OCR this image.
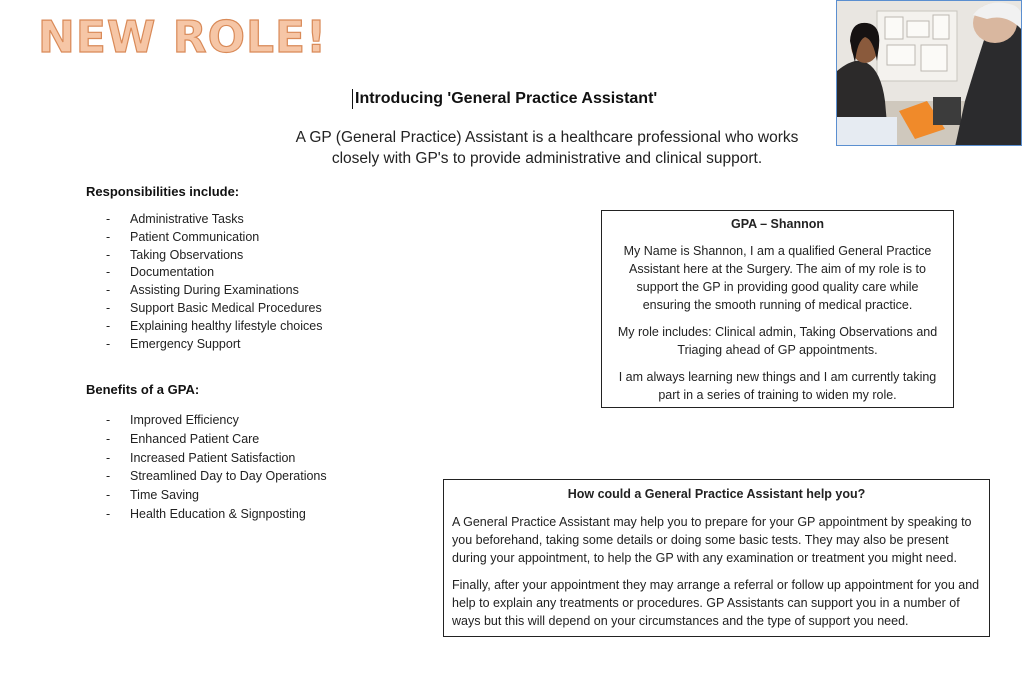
NEW ROLE!
Introducing 'General Practice Assistant'
A GP (General Practice) Assistant is a healthcare professional who works closely with GP's to provide administrative and clinical support.
Responsibilities include:
- Administrative Tasks
- Patient Communication
- Taking Observations
- Documentation
- Assisting During Examinations
- Support Basic Medical Procedures
- Explaining healthy lifestyle choices
- Emergency Support
Benefits of a GPA:
- Improved Efficiency
- Enhanced Patient Care
- Increased Patient Satisfaction
- Streamlined Day to Day Operations
- Time Saving
- Health Education & Signposting
GPA – Shannon

My Name is Shannon, I am a qualified General Practice Assistant here at the Surgery. The aim of my role is to support the GP in providing good quality care while ensuring the smooth running of medical practice.

My role includes: Clinical admin, Taking Observations and Triaging ahead of GP appointments.

I am always learning new things and I am currently taking part in a series of training to widen my role.

How could a General Practice Assistant help you?

A General Practice Assistant may help you to prepare for your GP appointment by speaking to you beforehand, taking some details or doing some basic tests. They may also be present during your appointment, to help the GP with any examination or treatment you might need.

Finally, after your appointment they may arrange a referral or follow up appointment for you and help to explain any treatments or procedures. GP Assistants can support you in a number of ways but this will depend on your circumstances and the type of support you need.
